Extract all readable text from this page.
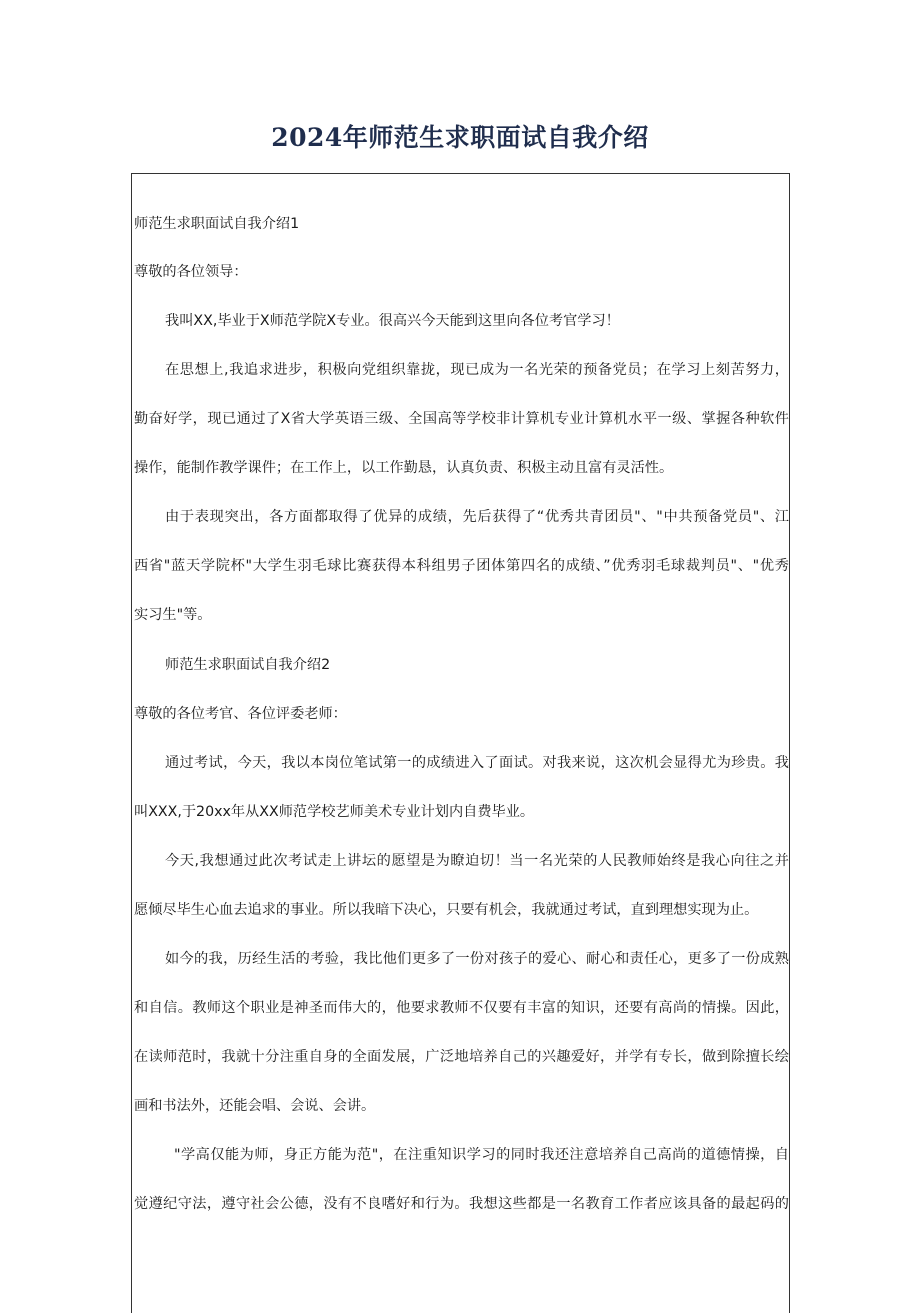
2024年师范生求职面试自我介绍
师范生求职面试自我介绍1
尊敬的各位领导：
我叫XX,毕业于X师范学院X专业。很高兴今天能到这里向各位考官学习！
在思想上,我追求进步，积极向党组织靠拢，现已成为一名光荣的预备党员；在学习上刻苦努力，
勤奋好学，现已通过了X省大学英语三级、全国高等学校非计算机专业计算机水平一级、掌握各种软件
操作，能制作教学课件；在工作上，以工作勤恳，认真负责、积极主动且富有灵活性。
由于表现突出，各方面都取得了优异的成绩，先后获得了“优秀共青团员"、"中共预备党员"、江
西省"蓝天学院杯"大学生羽毛球比赛获得本科组男子团体第四名的成绩、”优秀羽毛球裁判员"、"优秀
实习生"等。
师范生求职面试自我介绍2
尊敬的各位考官、各位评委老师：
通过考试，今天，我以本岗位笔试第一的成绩进入了面试。对我来说，这次机会显得尤为珍贵。我
叫XXX,于20xx年从XX师范学校艺师美术专业计划内自费毕业。
今天,我想通过此次考试走上讲坛的愿望是为瞭迫切！当一名光荣的人民教师始终是我心向往之并
愿倾尽毕生心血去追求的事业。所以我暗下决心，只要有机会，我就通过考试，直到理想实现为止。
如今的我，历经生活的考验，我比他们更多了一份对孩子的爱心、耐心和责任心，更多了一份成熟
和自信。教师这个职业是神圣而伟大的，他要求教师不仅要有丰富的知识，还要有高尚的情操。因此，
在读师范时，我就十分注重自身的全面发展，广泛地培养自己的兴趣爱好，并学有专长，做到除擅长绘
画和书法外，还能会唱、会说、会讲。
"学高仅能为师，身正方能为范"，在注重知识学习的同时我还注意培养自己高尚的道德情操，自
觉遵纪守法，遵守社会公德，没有不良嗜好和行为。我想这些都是一名教育工作者应该具备的最起码的
